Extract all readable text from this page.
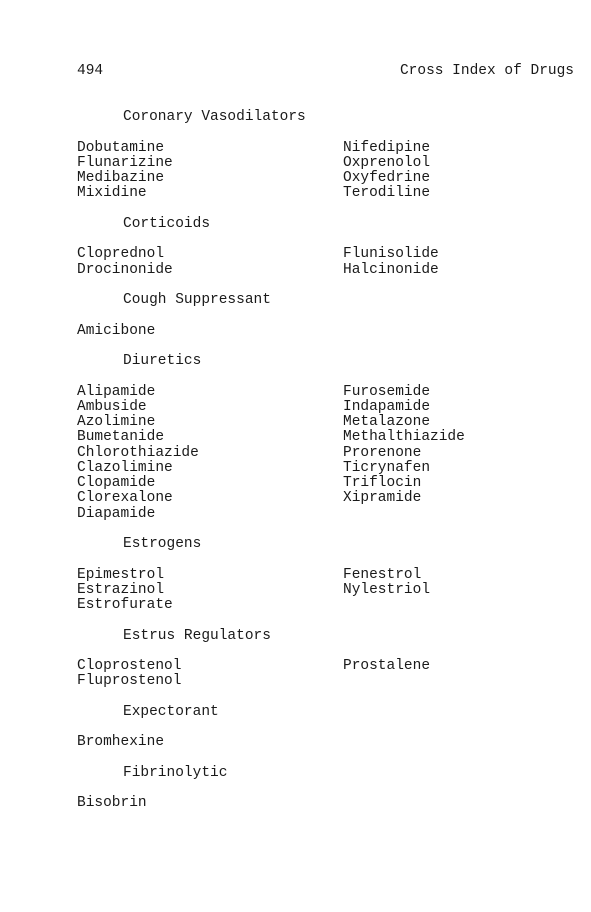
494	Cross Index of Drugs
Coronary Vasodilators
Dobutamine	Nifedipine
Flunarizine	Oxprenolol
Medibazine	Oxyfedrine
Mixidine	Terodiline
Corticoids
Cloprednol	Flunisolide
Drocinonide	Halcinonide
Cough Suppressant
Amicibone
Diuretics
Alipamide	Furosemide
Ambuside	Indapamide
Azolimine	Metalazone
Bumetanide	Methalthiazide
Chlorothiazide	Prorenone
Clazolimine	Ticrynafen
Clopamide	Triflocin
Clorexalone	Xipramide
Diapamide
Estrogens
Epimestrol	Fenestrol
Estrazinol	Nylestriol
Estrofurate
Estrus Regulators
Cloprostenol	Prostalene
Fluprostenol
Expectorant
Bromhexine
Fibrinolytic
Bisobrin
